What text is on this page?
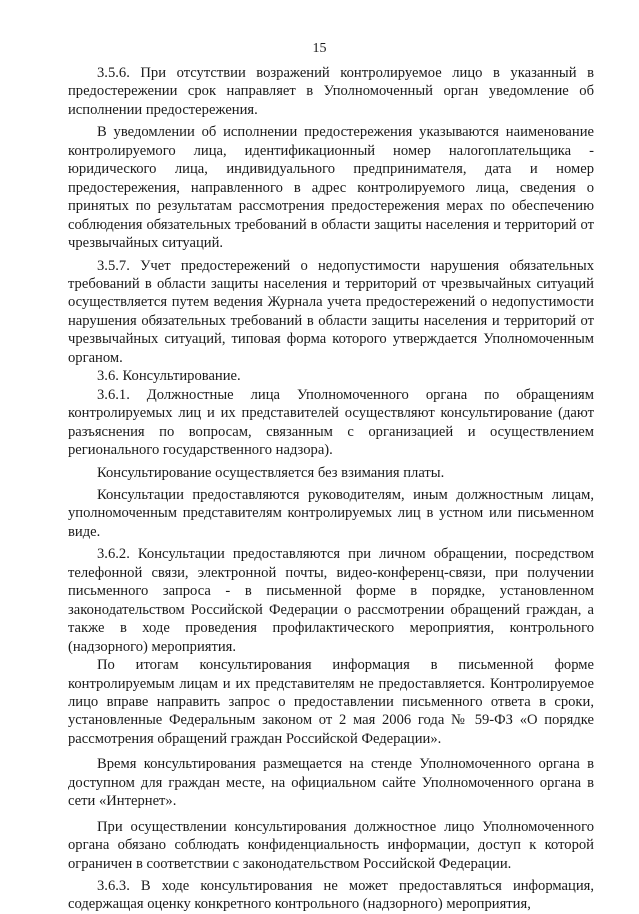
15

3.5.6. При отсутствии возражений контролируемое лицо в указанный в предостережении срок направляет в Уполномоченный орган уведомление об исполнении предостережения.

В уведомлении об исполнении предостережения указываются наименование контролируемого лица, идентификационный номер налогоплательщика - юридического лица, индивидуального предпринимателя, дата и номер предостережения, направленного в адрес контролируемого лица, сведения о принятых по результатам рассмотрения предостережения мерах по обеспечению соблюдения обязательных требований в области защиты населения и территорий от чрезвычайных ситуаций.

3.5.7. Учет предостережений о недопустимости нарушения обязательных требований в области защиты населения и территорий от чрезвычайных ситуаций осуществляется путем ведения Журнала учета предостережений о недопустимости нарушения обязательных требований в области защиты населения и территорий от чрезвычайных ситуаций, типовая форма которого утверждается Уполномоченным органом.

3.6. Консультирование.

3.6.1. Должностные лица Уполномоченного органа по обращениям контролируемых лиц и их представителей осуществляют консультирование (дают разъяснения по вопросам, связанным с организацией и осуществлением регионального государственного надзора).

Консультирование осуществляется без взимания платы.

Консультации предоставляются руководителям, иным должностным лицам, уполномоченным представителям контролируемых лиц в устном или письменном виде.

3.6.2. Консультации предоставляются при личном обращении, посредством телефонной связи, электронной почты, видео-конференц-связи, при получении письменного запроса - в письменной форме в порядке, установленном законодательством Российской Федерации о рассмотрении обращений граждан, а также в ходе проведения профилактического мероприятия, контрольного (надзорного) мероприятия.

По итогам консультирования информация в письменной форме контролируемым лицам и их представителям не предоставляется. Контролируемое лицо вправе направить запрос о предоставлении письменного ответа в сроки, установленные Федеральным законом от 2 мая 2006 года № 59-ФЗ «О порядке рассмотрения обращений граждан Российской Федерации».

Время консультирования размещается на стенде Уполномоченного органа в доступном для граждан месте, на официальном сайте Уполномоченного органа в сети «Интернет».

При осуществлении консультирования должностное лицо Уполномоченного органа обязано соблюдать конфиденциальность информации, доступ к которой ограничен в соответствии с законодательством Российской Федерации.

3.6.3. В ходе консультирования не может предоставляться информация, содержащая оценку конкретного контрольного (надзорного) мероприятия,
